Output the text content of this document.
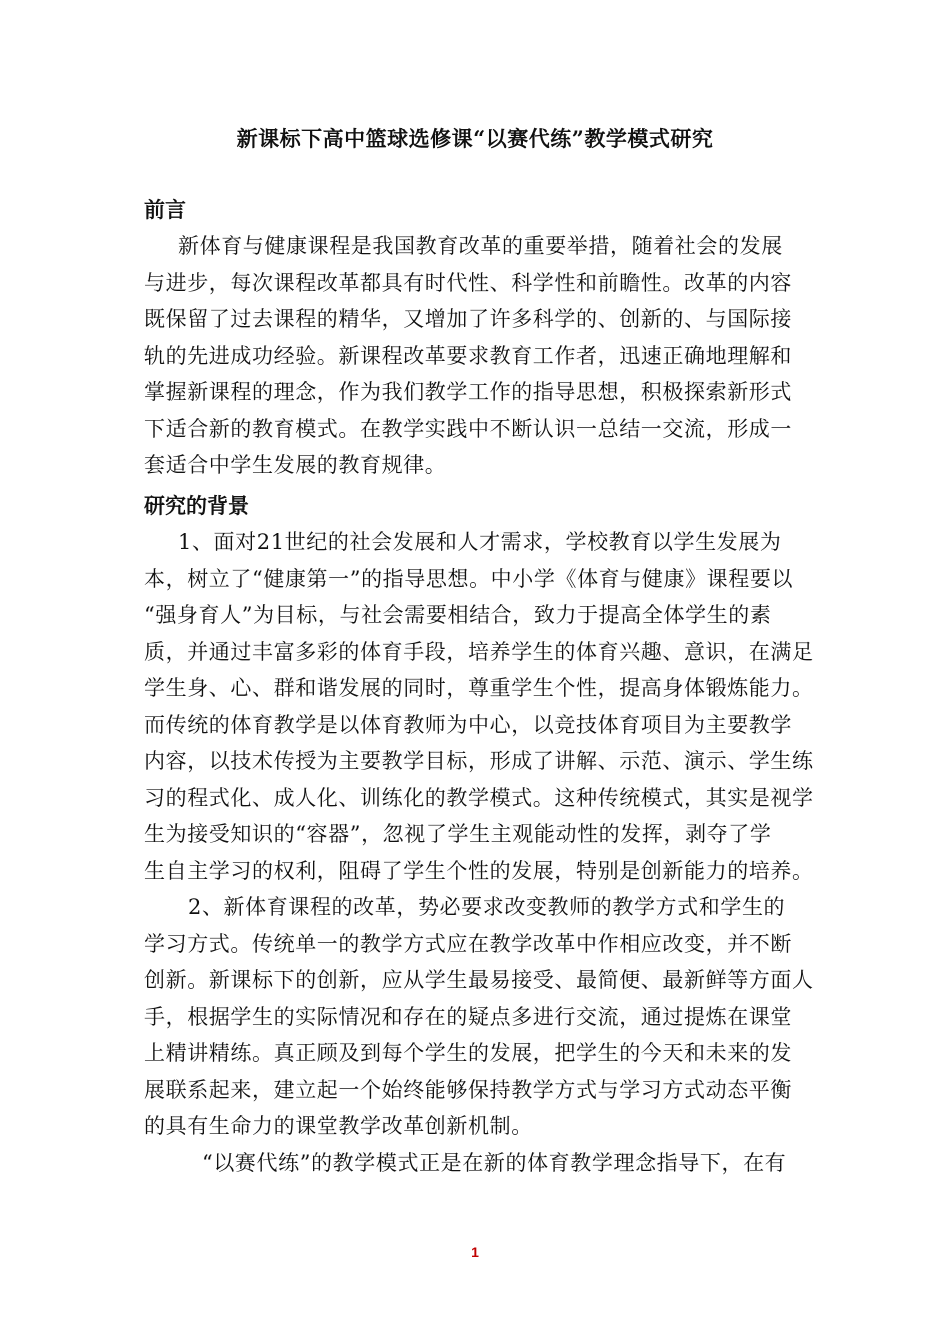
新课标下高中篮球选修课“以赛代练”教学模式研究
前言
新体育与健康课程是我国教育改革的重要举措，随着社会的发展
与进步，每次课程改革都具有时代性、科学性和前瞻性。改革的内容
既保留了过去课程的精华，又增加了许多科学的、创新的、与国际接
轨的先进成功经验。新课程改革要求教育工作者，迅速正确地理解和
掌握新课程的理念，作为我们教学工作的指导思想，积极探索新形式
下适合新的教育模式。在教学实践中不断认识一总结一交流，形成一
套适合中学生发展的教育规律。
研究的背景
1、面对21世纪的社会发展和人才需求，学校教育以学生发展为
本，树立了“健康第一”的指导思想。中小学《体育与健康》课程要以
“强身育人”为目标，与社会需要相结合，致力于提高全体学生的素
质，并通过丰富多彩的体育手段，培养学生的体育兴趣、意识，在满足
学生身、心、群和谐发展的同时，尊重学生个性，提高身体锻炼能力。
而传统的体育教学是以体育教师为中心，以竞技体育项目为主要教学
内容，以技术传授为主要教学目标，形成了讲解、示范、演示、学生练
习的程式化、成人化、训练化的教学模式。这种传统模式，其实是视学
生为接受知识的“容器”，忽视了学生主观能动性的发挥，剥夺了学
生自主学习的权利，阻碍了学生个性的发展，特别是创新能力的培养。
2、新体育课程的改革，势必要求改变教师的教学方式和学生的
学习方式。传统单一的教学方式应在教学改革中作相应改变，并不断
创新。新课标下的创新，应从学生最易接受、最简便、最新鲜等方面人
手，根据学生的实际情况和存在的疑点多进行交流，通过提炼在课堂
上精讲精练。真正顾及到每个学生的发展，把学生的今天和未来的发
展联系起来，建立起一个始终能够保持教学方式与学习方式动态平衡
的具有生命力的课堂教学改革创新机制。
“以赛代练”的教学模式正是在新的体育教学理念指导下，在有
1
